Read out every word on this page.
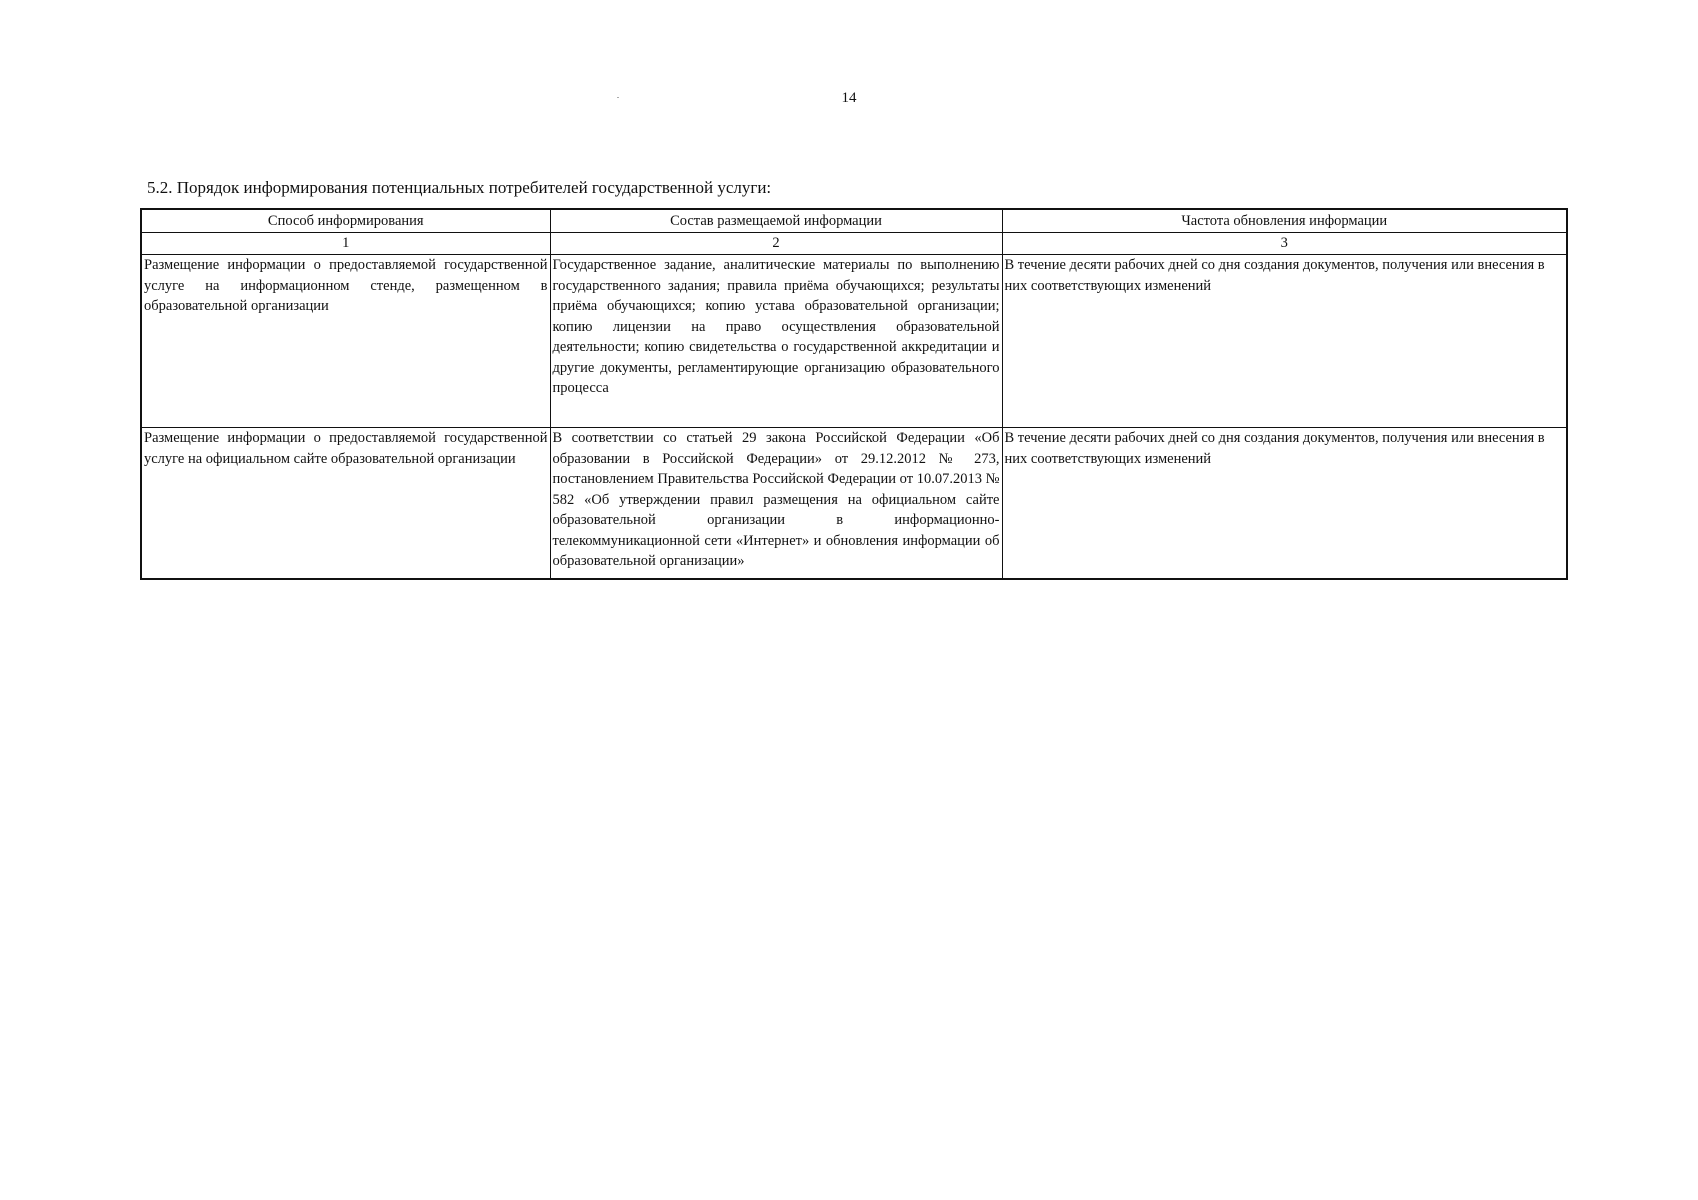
14
5.2. Порядок информирования потенциальных потребителей государственной услуги:
Способ информирования	Состав размещаемой информации	Частота обновления информации
1	2	3
Размещение информации о предоставляемой государственной услуге на информационном стенде, размещенном в образовательной организации	Государственное задание, аналитические материалы по выполнению государственного задания; правила приёма обучающихся; результаты приёма обучающихся; копию устава образовательной организации; копию лицензии на право осуществления образовательной деятельности; копию свидетельства о государственной аккредитации и другие документы, регламентирующие организацию образовательного процесса	В течение десяти рабочих дней со дня создания документов, получения или внесения в них соответствующих изменений
Размещение информации о предоставляемой государственной услуге на официальном сайте образовательной организации	В соответствии со статьей 29 закона Российской Федерации «Об образовании в Российской Федерации» от 29.12.2012 № 273, постановлением Правительства Российской Федерации от 10.07.2013 № 582 «Об утверждении правил размещения на официальном сайте образовательной организации в информационно-телекоммуникационной сети «Интернет» и обновления информации об образовательной организации»	В течение десяти рабочих дней со дня создания документов, получения или внесения в них соответствующих изменений
